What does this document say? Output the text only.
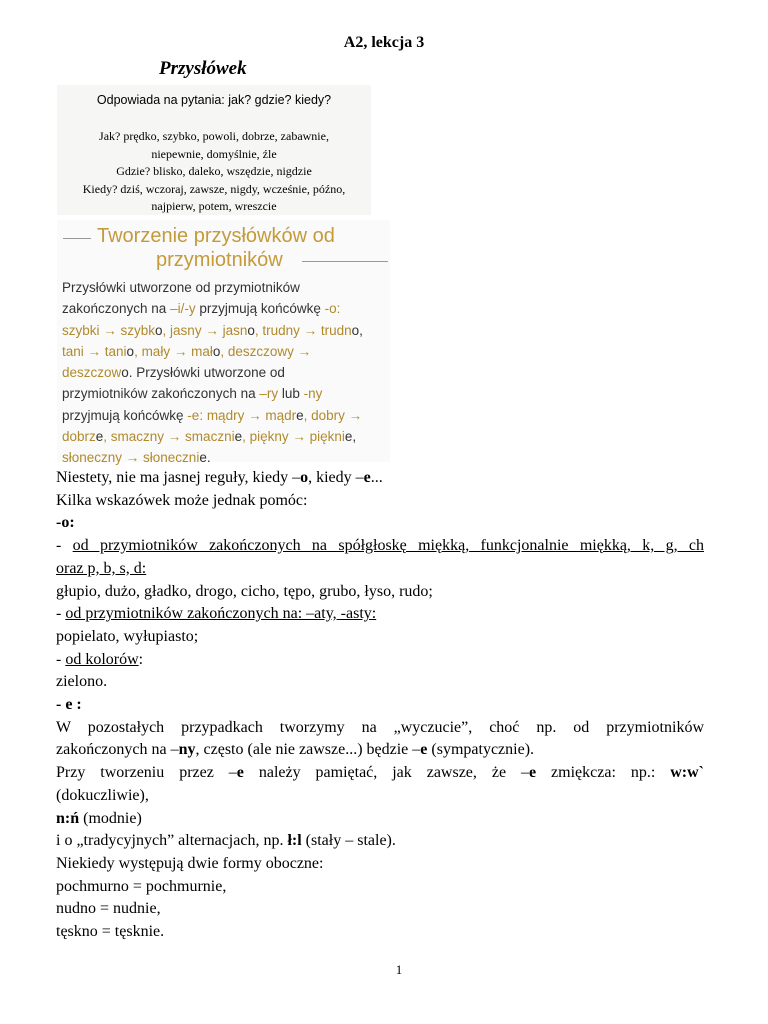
A2, lekcja 3
Przysłówek
Odpowiada na pytania: jak? gdzie? kiedy?
Jak? prędko, szybko, powoli, dobrze, zabawnie,
niepewnie, domyślnie, źle
Gdzie? blisko, daleko, wszędzie, nigdzie
Kiedy? dziś, wczoraj, zawsze, nigdy, wcześnie, późno,
najpierw, potem, wreszcie
Tworzenie przysłówków od
przymiotników
Przysłówki utworzone od przymiotników
zakończonych na –i/-y przyjmują końcówkę -o:
szybki → szybko, jasny → jasno, trudny → trudno,
tani → tanio, mały → mało, deszczowy →
deszczowo. Przysłówki utworzone od
przymiotników zakończonych na –ry lub -ny
przyjmują końcówkę -e: mądry → mądre, dobry →
dobrze, smaczny → smacznie, piękny → pięknie,
słoneczny → słonecznie.

Niestety, nie ma jasnej reguły, kiedy –o, kiedy –e...

Kilka wskazówek może jednak pomóc:

-o:

- od przymiotników zakończonych na spółgłoskę miękką, funkcjonalnie miękką, k, g, ch

oraz p, b, s, d:

głupio, dużo, gładko, drogo, cicho, tępo, grubo, łyso, rudo;

- od przymiotników zakończonych na: –aty, -asty:

popielato, wyłupiasto;

- od kolorów:

zielono.

- e :

W pozostałych przypadkach tworzymy na „wyczucie”, choć np. od przymiotników

zakończonych na –ny, często (ale nie zawsze...) będzie –e (sympatycznie).

Przy tworzeniu przez –e należy pamiętać, jak zawsze, że –e zmiękcza: np.: w:w`

(dokuczliwie),

n:ń (modnie)

i o „tradycyjnych” alternacjach, np. ł:l (stały – stale).

Niekiedy występują dwie formy oboczne:

pochmurno = pochmurnie,

nudno = nudnie,

tęskno = tęsknie.

1
